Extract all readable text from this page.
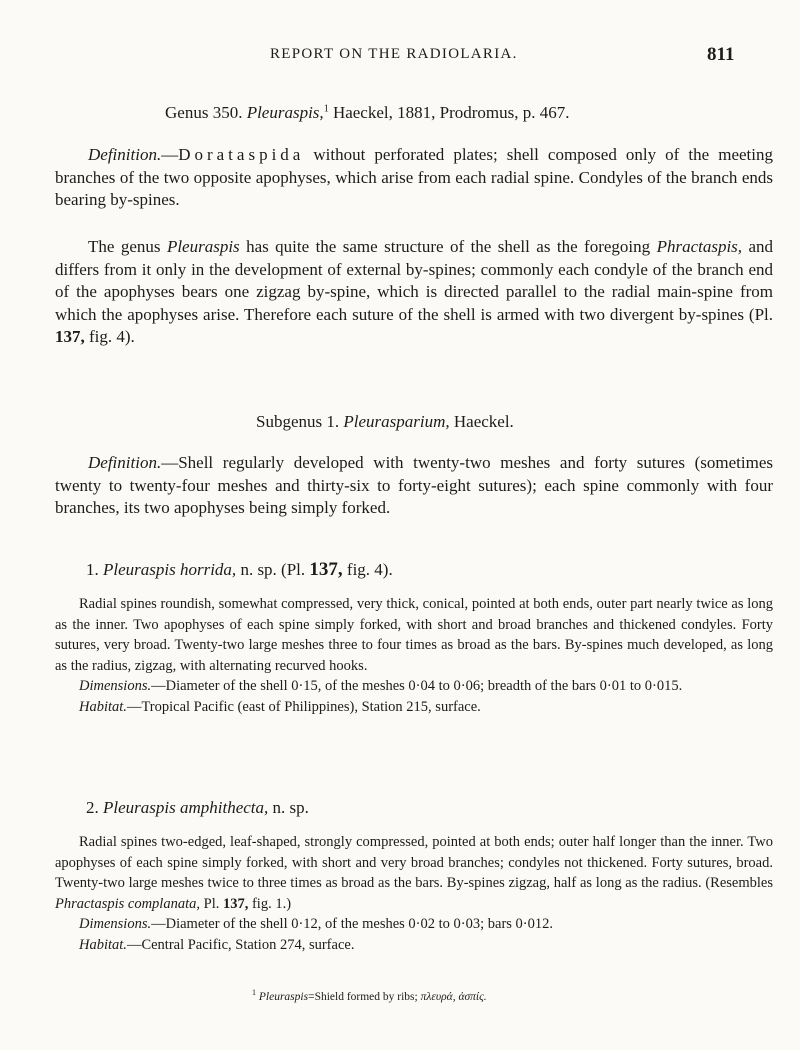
REPORT ON THE RADIOLARIA.	811
Genus 350. Pleuraspis,$^1$ Haeckel, 1881, Prodromus, p. 467.
Definition.—Dorataspida without perforated plates; shell composed only of the meeting branches of the two opposite apophyses, which arise from each radial spine. Condyles of the branch ends bearing by-spines.
The genus Pleuraspis has quite the same structure of the shell as the foregoing Phractaspis, and differs from it only in the development of external by-spines; commonly each condyle of the branch end of the apophyses bears one zigzag by-spine, which is directed parallel to the radial main-spine from which the apophyses arise. Therefore each suture of the shell is armed with two divergent by-spines (Pl. 137, fig. 4).
Subgenus 1. Pleurasparium, Haeckel.
Definition.—Shell regularly developed with twenty-two meshes and forty sutures (sometimes twenty to twenty-four meshes and thirty-six to forty-eight sutures); each spine commonly with four branches, its two apophyses being simply forked.
1. Pleuraspis horrida, n. sp. (Pl. 137, fig. 4).
Radial spines roundish, somewhat compressed, very thick, conical, pointed at both ends, outer part nearly twice as long as the inner. Two apophyses of each spine simply forked, with short and broad branches and thickened condyles. Forty sutures, very broad. Twenty-two large meshes three to four times as broad as the bars. By-spines much developed, as long as the radius, zigzag, with alternating recurved hooks.
Dimensions.—Diameter of the shell 0·15, of the meshes 0·04 to 0·06; breadth of the bars 0·01 to 0·015.
Habitat.—Tropical Pacific (east of Philippines), Station 215, surface.
2. Pleuraspis amphithecta, n. sp.
Radial spines two-edged, leaf-shaped, strongly compressed, pointed at both ends; outer half longer than the inner. Two apophyses of each spine simply forked, with short and very broad branches; condyles not thickened. Forty sutures, broad. Twenty-two large meshes twice to three times as broad as the bars. By-spines zigzag, half as long as the radius. (Resembles Phractaspis complanata, Pl. 137, fig. 1.)
Dimensions.—Diameter of the shell 0·12, of the meshes 0·02 to 0·03; bars 0·012.
Habitat.—Central Pacific, Station 274, surface.
$^1$ Pleuraspis=Shield formed by ribs; πλευρά, ἀσπίς.
